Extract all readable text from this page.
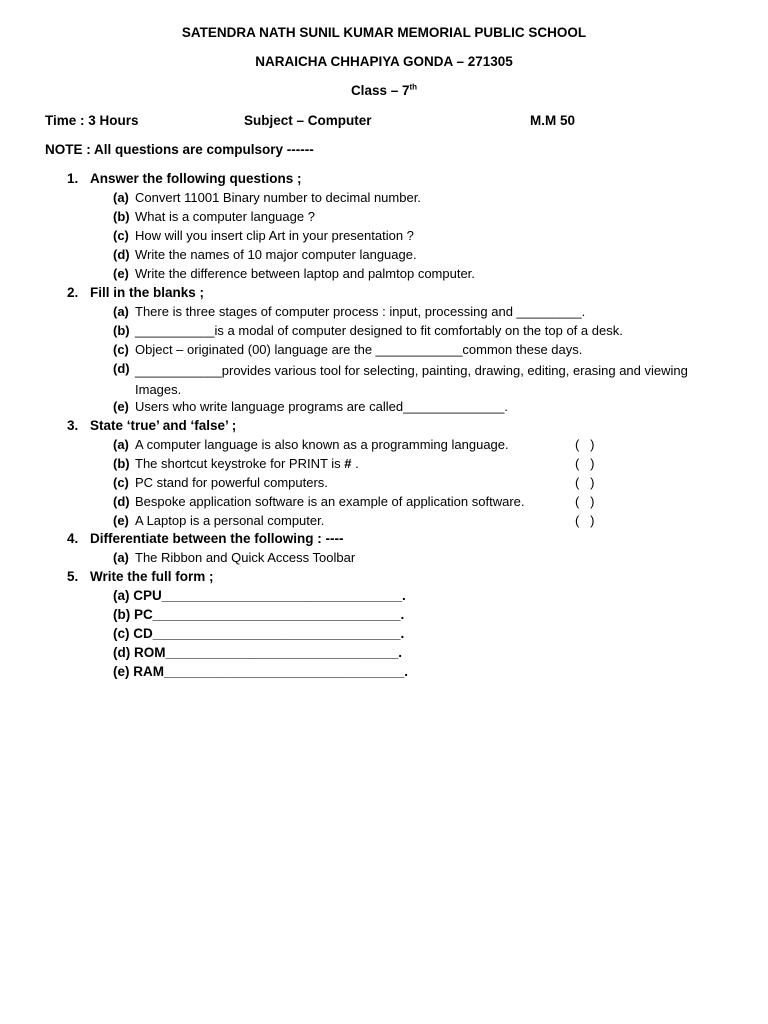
SATENDRA NATH SUNIL KUMAR MEMORIAL PUBLIC SCHOOL
NARAICHA CHHAPIYA GONDA – 271305
Class – 7th
Time : 3 Hours	Subject – Computer	M.M 50
NOTE : All questions are compulsory ------
1. Answer the following questions ;
(a) Convert 11001 Binary number to decimal number.
(b) What is a computer language ?
(c) How will you insert clip Art in your presentation ?
(d) Write the names of 10 major computer language.
(e) Write the difference between laptop and palmtop computer.
2. Fill in the blanks ;
(a) There is three stages of computer process : input, processing and _________.
(b) ___________is a modal of computer designed to fit comfortably on the top of a desk.
(c) Object – originated (00) language are the ____________common these days.
(d) ____________provides various tool for selecting, painting, drawing, editing, erasing and viewing Images.
(e) Users who write language programs are called______________.
3. State ‘true’ and ‘false’ ;
(a) A computer language is also known as a programming language.	(   )
(b) The shortcut keystroke for PRINT is # .	(   )
(c) PC stand for powerful computers.	(   )
(d) Bespoke application software is an example of application software.	(   )
(e) A Laptop is a personal computer.	(   )
4. Differentiate between the following : ----
(a) The Ribbon and Quick Access Toolbar
5. Write the full form ;
(a) CPU________________________________.
(b) PC_________________________________.
(c) CD_________________________________.
(d) ROM_______________________________.
(e) RAM________________________________.
